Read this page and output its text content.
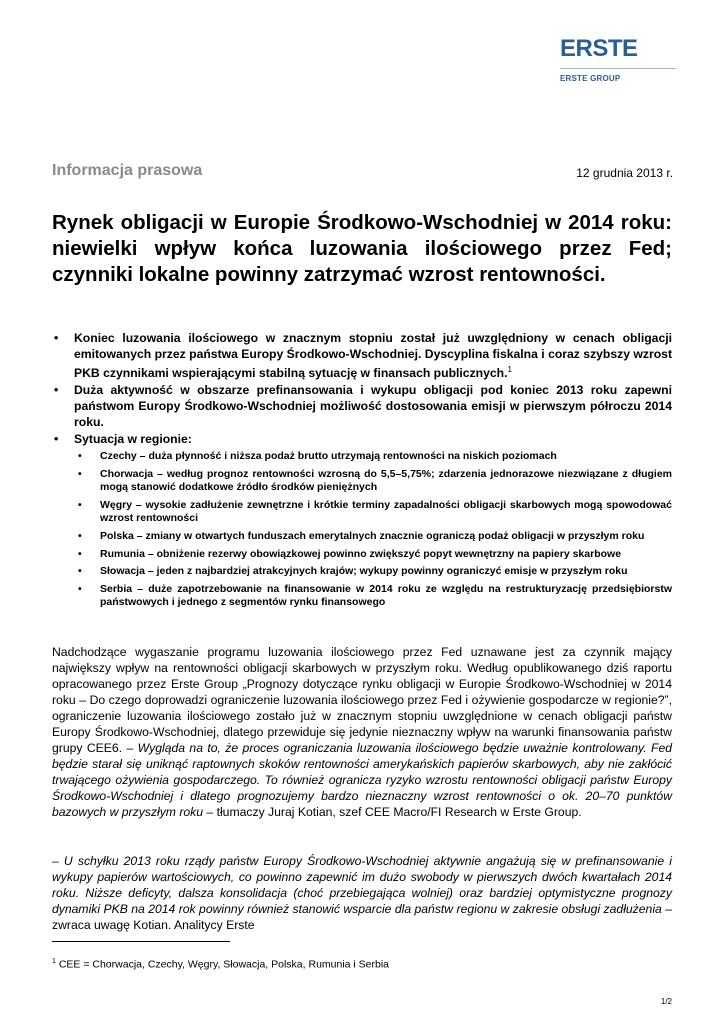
ERSTE
ERSTE GROUP
Informacja prasowa	12 grudnia 2013 r.
Rynek obligacji w Europie Środkowo-Wschodniej w 2014 roku: niewielki wpływ końca luzowania ilościowego przez Fed; czynniki lokalne powinny zatrzymać wzrost rentowności.
• Koniec luzowania ilościowego w znacznym stopniu został już uwzględniony w cenach obligacji emitowanych przez państwa Europy Środkowo-Wschodniej. Dyscyplina fiskalna i coraz szybszy wzrost PKB czynnikami wspierającymi stabilną sytuację w finansach publicznych.$^1$
• Duża aktywność w obszarze prefinansowania i wykupu obligacji pod koniec 2013 roku zapewni państwom Europy Środkowo-Wschodniej możliwość dostosowania emisji w pierwszym półroczu 2014 roku.
• Sytuacja w regionie:
• Czechy – duża płynność i niższa podaż brutto utrzymają rentowności na niskich poziomach
• Chorwacja – według prognoz rentowności wzrosną do 5,5–5,75%; zdarzenia jednorazowe niezwiązane z długiem mogą stanowić dodatkowe źródło środków pieniężnych
• Węgry – wysokie zadłużenie zewnętrzne i krótkie terminy zapadalności obligacji skarbowych mogą spowodować wzrost rentowności
• Polska – zmiany w otwartych funduszach emerytalnych znacznie ograniczą podaż obligacji w przyszłym roku
• Rumunia – obniżenie rezerwy obowiązkowej powinno zwiększyć popyt wewnętrzny na papiery skarbowe
• Słowacja – jeden z najbardziej atrakcyjnych krajów; wykupy powinny ograniczyć emisje w przyszłym roku
• Serbia – duże zapotrzebowanie na finansowanie w 2014 roku ze względu na restrukturyzację przedsiębiorstw państwowych i jednego z segmentów rynku finansowego

Nadchodzące wygaszanie programu luzowania ilościowego przez Fed uznawane jest za czynnik mający największy wpływ na rentowności obligacji skarbowych w przyszłym roku. Według opublikowanego dziś raportu opracowanego przez Erste Group „Prognozy dotyczące rynku obligacji w Europie Środkowo-Wschodniej w 2014 roku – Do czego doprowadzi ograniczenie luzowania ilościowego przez Fed i ożywienie gospodarcze w regionie?”, ograniczenie luzowania ilościowego zostało już w znacznym stopniu uwzględnione w cenach obligacji państw Europy Środkowo-Wschodniej, dlatego przewiduje się jedynie nieznaczny wpływ na warunki finansowania państw grupy CEE6. – Wygląda na to, że proces ograniczania luzowania ilościowego będzie uważnie kontrolowany. Fed będzie starał się uniknąć raptownych skoków rentowności amerykańskich papierów skarbowych, aby nie zakłócić trwającego ożywienia gospodarczego. To również ogranicza ryzyko wzrostu rentowności obligacji państw Europy Środkowo-Wschodniej i dlatego prognozujemy bardzo nieznaczny wzrost rentowności o ok. 20–70 punktów bazowych w przyszłym roku – tłumaczy Juraj Kotian, szef CEE Macro/FI Research w Erste Group.

– U schyłku 2013 roku rządy państw Europy Środkowo-Wschodniej aktywnie angażują się w prefinansowanie i wykupy papierów wartościowych, co powinno zapewnić im dużo swobody w pierwszych dwóch kwartałach 2014 roku. Niższe deficyty, dalsza konsolidacja (choć przebiegająca wolniej) oraz bardziej optymistyczne prognozy dynamiki PKB na 2014 rok powinny również stanowić wsparcie dla państw regionu w zakresie obsługi zadłużenia – zwraca uwagę Kotian. Analitycy Erste

$^1$ CEE = Chorwacja, Czechy, Węgry, Słowacja, Polska, Rumunia i Serbia
1/2
